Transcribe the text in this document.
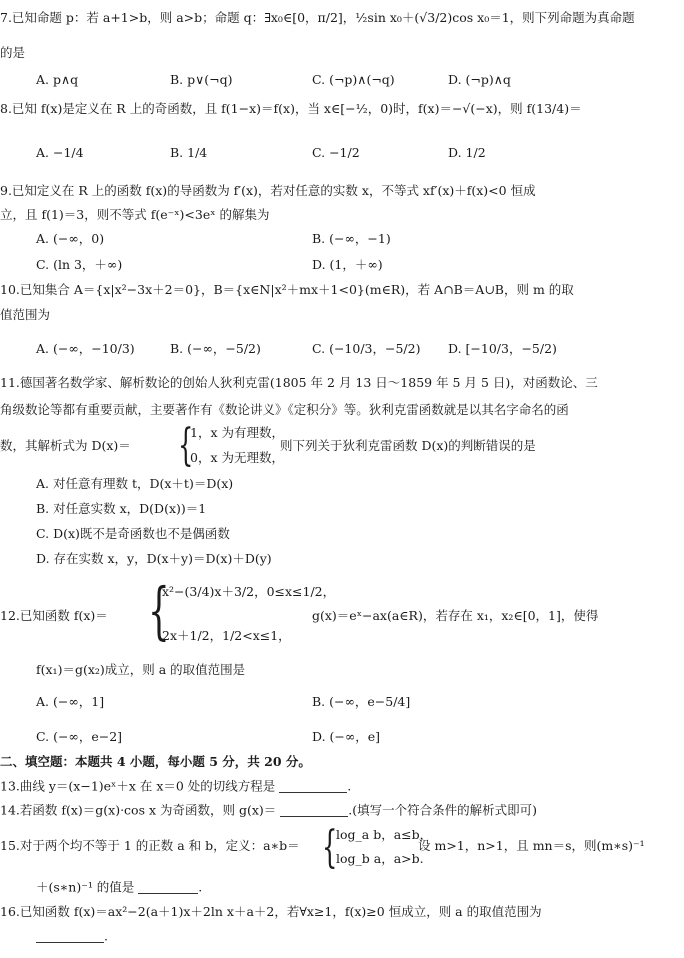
7.已知命题 p：若 a+1>b，则 a>b；命题 q：∃x₀∈[0，π/2]，½sin x₀＋(√3/2)cos x₀＝1，则下列命题为真命题
的是
A. p∧q	B. p∨(¬q)	C. (¬p)∧(¬q)	D. (¬p)∧q
8.已知 f(x)是定义在 R 上的奇函数，且 f(1−x)＝f(x)，当 x∈[−½，0)时，f(x)＝−√(−x)，则 f(13/4)＝
A. −1/4	B. 1/4	C. −1/2	D. 1/2
9.已知定义在 R 上的函数 f(x)的导函数为 f′(x)，若对任意的实数 x，不等式 xf′(x)＋f(x)<0 恒成
立，且 f(1)＝3，则不等式 f(e⁻ˣ)<3eˣ 的解集为
A. (−∞，0)	B. (−∞，−1)
C. (ln 3，＋∞)	D. (1，＋∞)
10.已知集合 A＝{x|x²−3x＋2＝0}，B＝{x∈N|x²＋mx＋1<0}(m∈R)，若 A∩B＝A∪B，则 m 的取
值范围为
A. (−∞，−10/3)	B. (−∞，−5/2)	C. (−10/3，−5/2) D. [−10/3，−5/2)
11.德国著名数学家、解析数论的创始人狄利克雷(1805 年 2 月 13 日～1859 年 5 月 5 日)，对函数论、三
角级数论等都有重要贡献，主要著作有《数论讲义》《定积分》等。狄利克雷函数就是以其名字命名的函
数，其解析式为 D(x)＝ {
1，x 为有理数，
0，x 为无理数，
则下列关于狄利克雷函数 D(x)的判断错误的是
A. 对任意有理数 t，D(x＋t)＝D(x)
B. 对任意实数 x，D(D(x))＝1
C. D(x)既不是奇函数也不是偶函数
D. 存在实数 x，y，D(x＋y)＝D(x)＋D(y)
12.已知函数 f(x)＝ {
x²−(3/4)x＋3/2，0≤x≤1/2，
2x＋1/2，1/2<x≤1，
g(x)＝eˣ−ax(a∈R)，若存在 x₁，x₂∈[0，1]，使得
f(x₁)＝g(x₂)成立，则 a 的取值范围是
A. (−∞，1]	B. (−∞，e−5/4]
C. (−∞，e−2]	D. (−∞，e]
二、填空题：本题共 4 小题，每小题 5 分，共 20 分。
13.曲线 y＝(x−1)eˣ＋x 在 x＝0 处的切线方程是	.
14.若函数 f(x)＝g(x)·cos x 为奇函数，则 g(x)＝	.(填写一个符合条件的解析式即可)
15.对于两个均不等于 1 的正数 a 和 b，定义：a∗b＝ {
log_a b，a≤b，
log_b a，a>b.
设 m>1，n>1，且 mn＝s，则(m∗s)⁻¹
＋(s∗n)⁻¹ 的值是	.
16.已知函数 f(x)＝ax²−2(a＋1)x＋2ln x＋a＋2，若∀x≥1，f(x)≥0 恒成立，则 a 的取值范围为
.
